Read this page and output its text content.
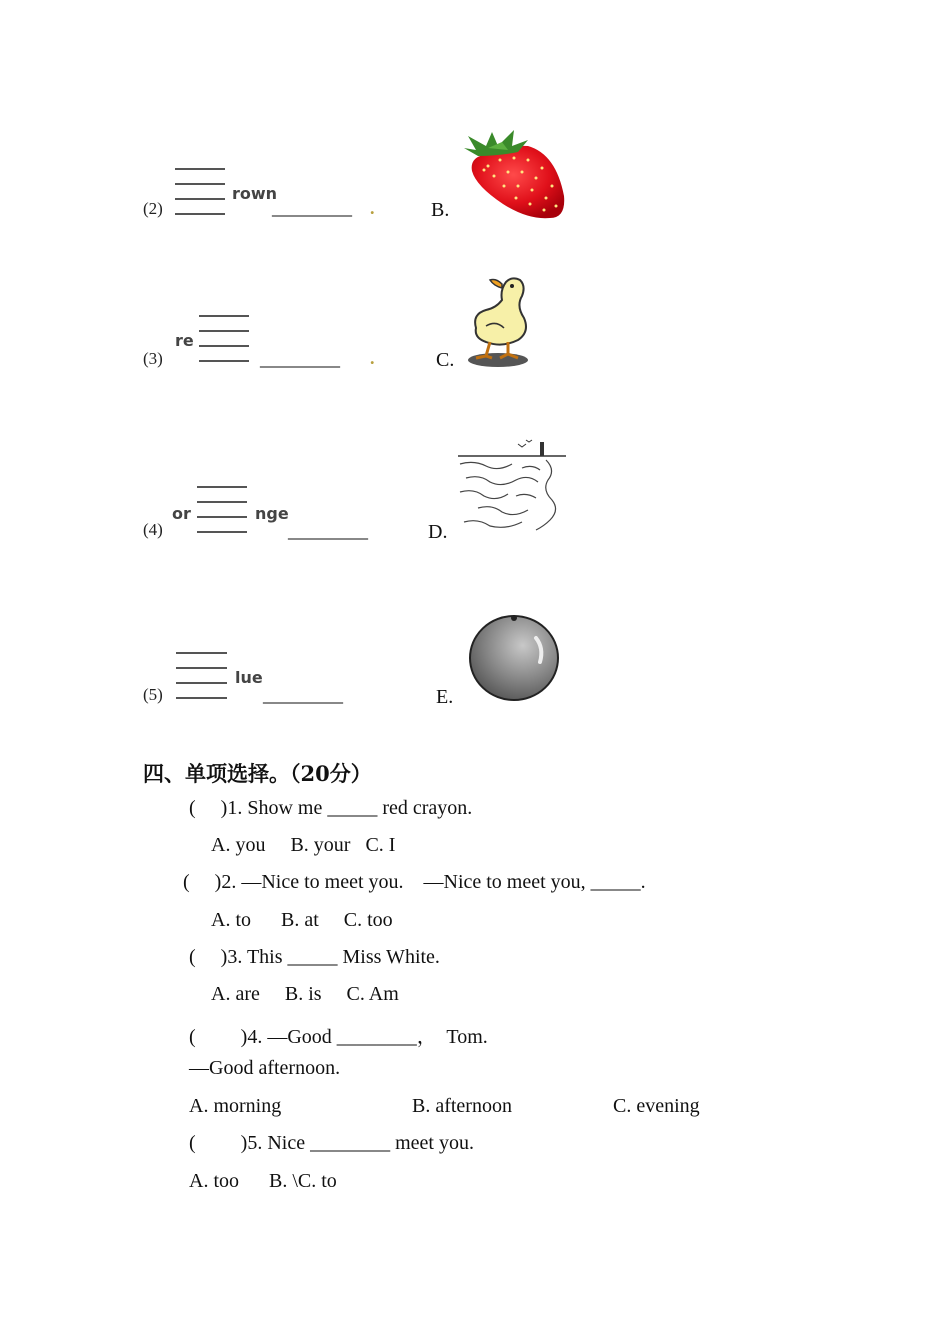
(2)
rown
________ .	B.
(3)
re
________ .	C.
(4)
or	nge
________	D.
(5)
lue
________	E.
四、单项选择。（20分）
(     )1. Show me _____ red crayon.
A. you     B. your   C. I
(     )2. —Nice to meet you.    —Nice to meet you, _____.
A. to      B. at     C. too
(     )3. This _____ Miss White.
A. are     B. is     C. Am
(         )4. —Good ________，  Tom.
—Good afternoon.
A. morning	B. afternoon	C. evening
(         )5. Nice ________ meet you.
A. too      B. \C. to
